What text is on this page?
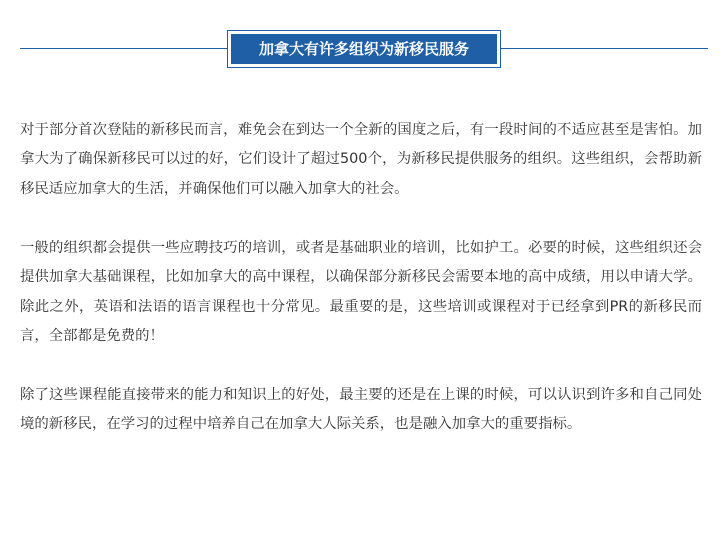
加拿大有许多组织为新移民服务

对于部分首次登陆的新移民而言，难免会在到达一个全新的国度之后，有一段时间的不适应甚至是害怕。加拿大为了确保新移民可以过的好，它们设计了超过500个，为新移民提供服务的组织。这些组织，会帮助新移民适应加拿大的生活，并确保他们可以融入加拿大的社会。

一般的组织都会提供一些应聘技巧的培训，或者是基础职业的培训，比如护工。必要的时候，这些组织还会提供加拿大基础课程，比如加拿大的高中课程，以确保部分新移民会需要本地的高中成绩，用以申请大学。除此之外，英语和法语的语言课程也十分常见。最重要的是，这些培训或课程对于已经拿到PR的新移民而言，全部都是免费的！

除了这些课程能直接带来的能力和知识上的好处，最主要的还是在上课的时候，可以认识到许多和自己同处境的新移民，在学习的过程中培养自己在加拿大人际关系，也是融入加拿大的重要指标。
